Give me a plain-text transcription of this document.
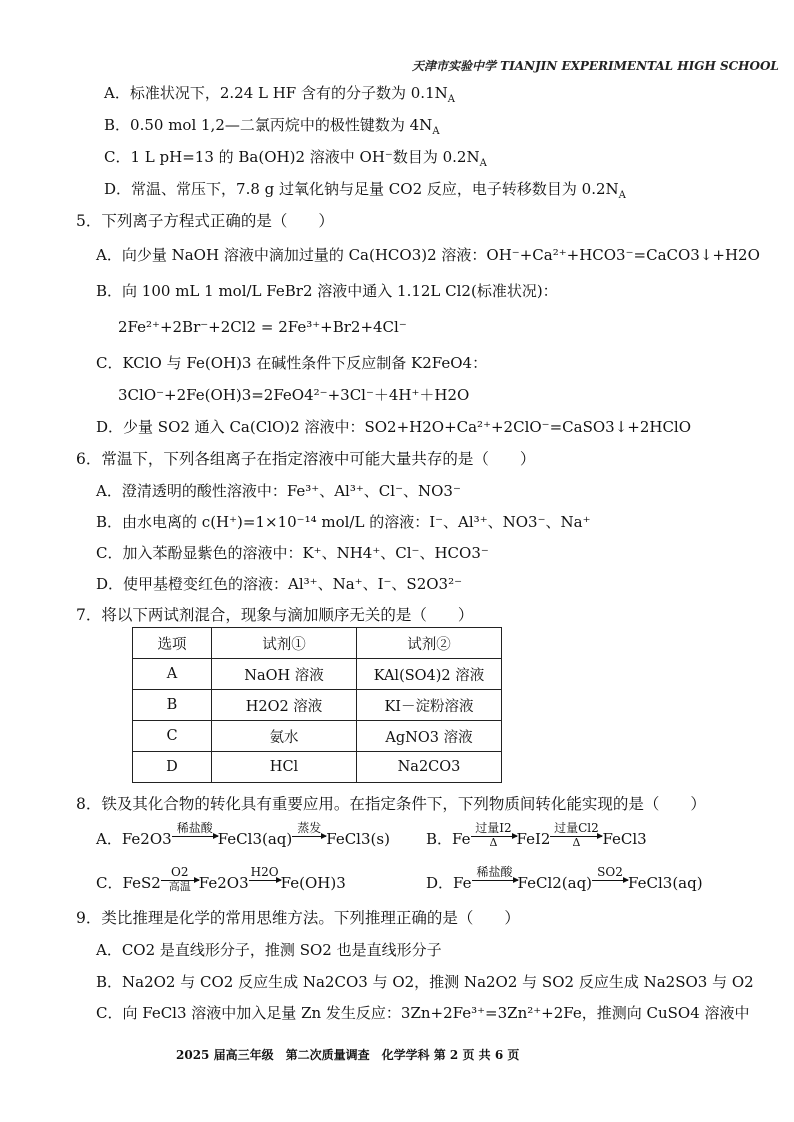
天津市实验中学 TIANJIN EXPERIMENTAL HIGH SCHOOL
A．标准状况下，2.24 L HF 含有的分子数为 $0.1N_A$
B．0.50 mol 1,2—二氯丙烷中的极性键数为 $4N_A$
C．1 L pH=13 的 Ba(OH)2 溶液中 OH⁻数目为 $0.2N_A$
D．常温、常压下，7.8 g 过氧化钠与足量 CO2 反应，电子转移数目为 $0.2N_A$
5．下列离子方程式正确的是（　　）
A．向少量 NaOH 溶液中滴加过量的 Ca(HCO3)2 溶液：OH⁻+Ca²⁺+HCO3⁻=CaCO3↓+H2O
B．向 100 mL 1 mol/L FeBr2 溶液中通入 1.12L Cl2(标准状况)：
2Fe²⁺+2Br⁻+2Cl2 = 2Fe³⁺+Br2+4Cl⁻
C．KClO 与 Fe(OH)3 在碱性条件下反应制备 K2FeO4：
3ClO⁻+2Fe(OH)3=2FeO4²⁻+3Cl⁻＋4H⁺＋H2O
D．少量 SO2 通入 Ca(ClO)2 溶液中：SO2+H2O+Ca²⁺+2ClO⁻=CaSO3↓+2HClO
6．常温下，下列各组离子在指定溶液中可能大量共存的是（　　）
A．澄清透明的酸性溶液中：Fe³⁺、Al³⁺、Cl⁻、NO3⁻
B．由水电离的 c(H⁺)=1×10⁻¹⁴ mol/L 的溶液：I⁻、Al³⁺、NO3⁻、Na⁺
C．加入苯酚显紫色的溶液中：K⁺、NH4⁺、Cl⁻、HCO3⁻
D．使甲基橙变红色的溶液：Al³⁺、Na⁺、I⁻、S2O3²⁻
7．将以下两试剂混合，现象与滴加顺序无关的是（　　）
选项	试剂①	试剂②
A	NaOH 溶液	KAl(SO4)2 溶液
B	H2O2 溶液	KI－淀粉溶液
C	氨水	AgNO3 溶液
D	HCl	Na2CO3
8．铁及其化合物的转化具有重要应用。在指定条件下，下列物质间转化能实现的是（　　）
A．Fe2O3
稀盐酸

FeCl3(aq)
蒸发

FeCl3(s) B．Fe
过量I2
Δ	FeI2
过量Cl2
Δ	FeCl3
C．FeS2
O2
高温 Fe2O3
H2O

Fe(OH)3	D．Fe
稀盐酸

FeCl2(aq)
SO2

FeCl3(aq)
9．类比推理是化学的常用思维方法。下列推理正确的是（　　）
A．CO2 是直线形分子，推测 SO2 也是直线形分子
B．Na2O2 与 CO2 反应生成 Na2CO3 与 O2，推测 Na2O2 与 SO2 反应生成 Na2SO3 与 O2
C．向 FeCl3 溶液中加入足量 Zn 发生反应：3Zn+2Fe³⁺=3Zn²⁺+2Fe，推测向 CuSO4 溶液中
2025 届高三年级　第二次质量调查　化学学科 第 2 页 共 6 页
